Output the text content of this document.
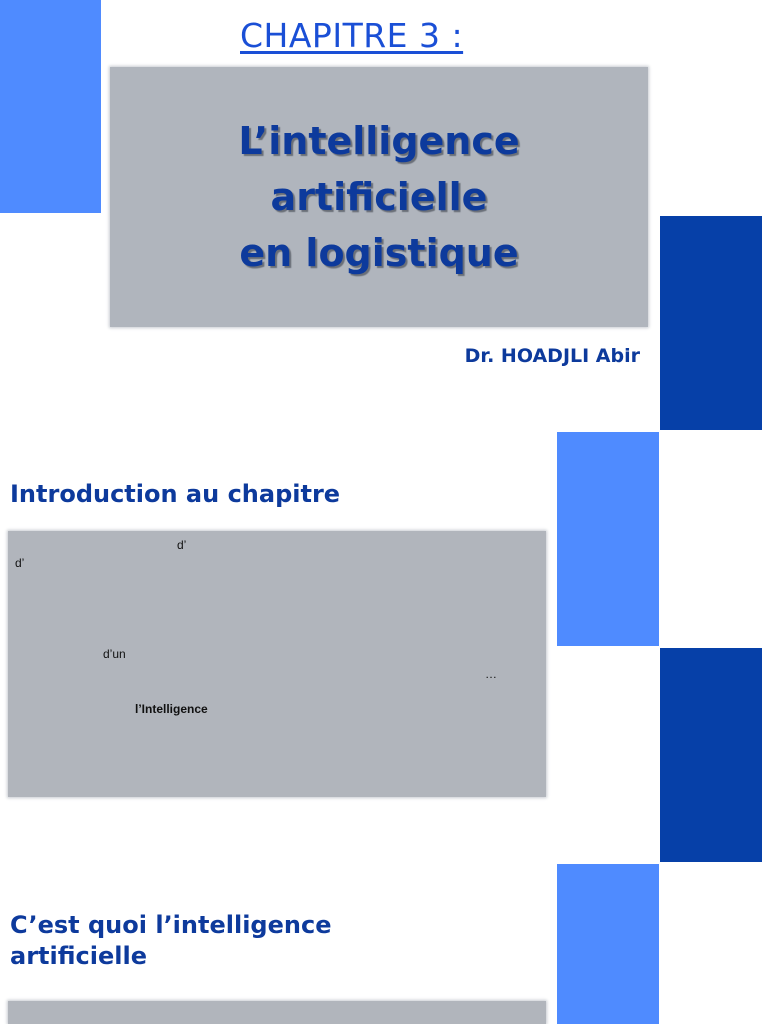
CHAPITRE 3 :
L’intelligence
artificielle
en logistique
Dr. HOADJLI Abir
Introduction au chapitre
d’
d’
d’un
…
l’Intelligence
C’est quoi l’intelligence
artificielle
